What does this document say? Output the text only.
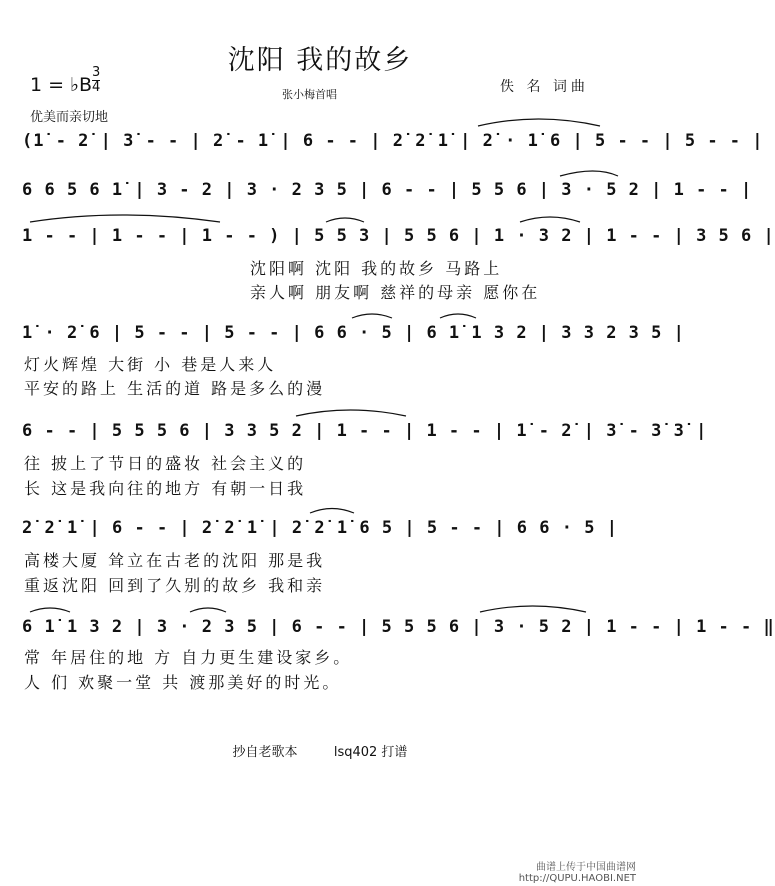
沈阳 我的故乡
1 = ♭B
3
4
优美而亲切地
张小梅首唱	佚 名 词曲
(1̇ - 2̇ | 3̇ - - | 2̇ - 1̇ | 6 - - | 2̇ 2̇ 1̇ | 2̇ · 1̇ 6 | 5 - - | 5 - - |
6 6 5 6 1̇ | 3 - 2 | 3 · 2 3 5 | 6 - - | 5 5 6 | 3 · 5 2 | 1 - - |
1 - - | 1 - - | 1 - - ) | 5 5 3 | 5 5 6 | 1 · 3 2 | 1 - - | 3 5 6 |
沈阳啊 沈阳 我的故乡 马路上
亲人啊 朋友啊 慈祥的母亲 愿你在
1̇ · 2̇ 6 | 5 - - | 5 - - | 6 6 · 5 | 6 1̇ 1 3 2 | 3 3 2 3 5 |
灯火辉煌 大街 小 巷是人来人
平安的路上 生活的道 路是多么的漫
6 - - | 5 5 5 6 | 3 3 5 2 | 1 - - | 1 - - | 1̇ - 2̇ | 3̇ - 3̇ 3̇ |
往 披上了节日的盛妆 社会主义的
长 这是我向往的地方 有朝一日我
2̇ 2̇ 1̇ | 6 - - | 2̇ 2̇ 1̇ | 2̇ 2̇ 1̇ 6 5 | 5 - - | 6 6 · 5 |
高楼大厦 耸立在古老的沈阳 那是我
重返沈阳 回到了久别的故乡 我和亲
6 1̇ 1 3 2 | 3 · 2 3 5 | 6 - - | 5 5 5 6 | 3 · 5 2 | 1 - - | 1 - - ‖
常 年居住的地 方 自力更生建设家乡。
人 们 欢聚一堂 共 渡那美好的时光。
抄自老歌本	lsq402 打谱
曲谱上传于中国曲谱网
http://QUPU.HAOBI.NET
